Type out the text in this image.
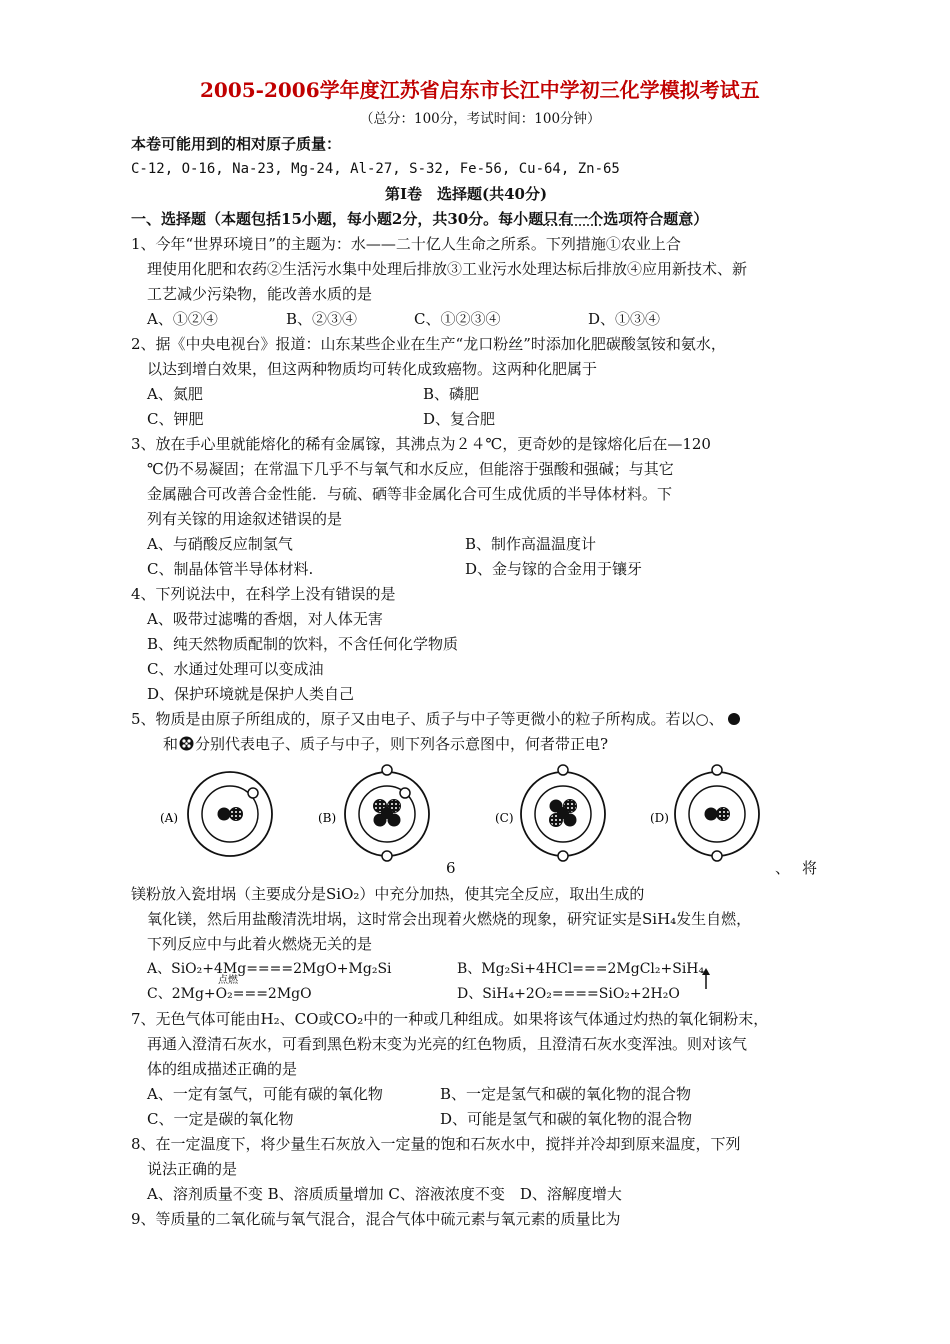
2005-2006学年度江苏省启东市长江中学初三化学模拟考试五
（总分：100分，考试时间：100分钟）
本卷可能用到的相对原子质量：
C-12, O-16, Na-23, Mg-24, Al-27, S-32, Fe-56, Cu-64, Zn-65
第Ⅰ卷　选择题(共40分)
一、选择题（本题包括15小题，每小题2分，共30分。每小题只有一个选项符合题意）
1、今年“世界环境日”的主题为：水——二十亿人生命之所系。下列措施①农业上合
理使用化肥和农药②生活污水集中处理后排放③工业污水处理达标后排放④应用新技术、新
工艺减少污染物，能改善水质的是
A、①②④	B、②③④	C、①②③④	D、①③④
2、据《中央电视台》报道：山东某些企业在生产“龙口粉丝”时添加化肥碳酸氢铵和氨水，
以达到增白效果，但这两种物质均可转化成致癌物。这两种化肥属于
A、氮肥	B、磷肥
C、钾肥	D、复合肥
3、放在手心里就能熔化的稀有金属镓，其沸点为２４℃，更奇妙的是镓熔化后在—120
℃仍不易凝固；在常温下几乎不与氧气和水反应，但能溶于强酸和强碱；与其它
金属融合可改善合金性能．与硫、硒等非金属化合可生成优质的半导体材料。下
列有关镓的用途叙述错误的是
A、与硝酸反应制氢气	B、制作高温温度计
C、制晶体管半导体材料.	D、金与镓的合金用于镶牙
4、下列说法中，在科学上没有错误的是
A、吸带过滤嘴的香烟，对人体无害
B、纯天然物质配制的饮料，不含任何化学物质
C、水通过处理可以变成油
D、保护环境就是保护人类自己
5、物质是由原子所组成的，原子又由电子、质子与中子等更微小的粒子所构成。若以○、
和 分别代表电子、质子与中子，则下列各示意图中，何者带正电?
(A)	(B)	(C)	(D)
6	、将
镁粉放入瓷坩埚（主要成分是SiO₂）中充分加热，使其完全反应，取出生成的
氧化镁，然后用盐酸清洗坩埚，这时常会出现着火燃烧的现象，研究证实是SiH₄发生自燃，
下列反应中与此着火燃烧无关的是
A、SiO₂+4Mg====2MgO+Mg₂Si	B、Mg₂Si+4HCl===2MgCl₂+SiH₄
点燃
C、2Mg+O₂===2MgO	D、SiH₄+2O₂====SiO₂+2H₂O
7、无色气体可能由H₂、CO或CO₂中的一种或几种组成。如果将该气体通过灼热的氧化铜粉末，
再通入澄清石灰水，可看到黑色粉末变为光亮的红色物质，且澄清石灰水变浑浊。则对该气
体的组成描述正确的是
A、一定有氢气，可能有碳的氧化物	B、一定是氢气和碳的氧化物的混合物
C、一定是碳的氧化物	D、可能是氢气和碳的氧化物的混合物
8、在一定温度下，将少量生石灰放入一定量的饱和石灰水中，搅拌并冷却到原来温度，下列
说法正确的是
A、溶剂质量不变 B、溶质质量增加 C、溶液浓度不变　D、溶解度增大
9、等质量的二氧化硫与氧气混合，混合气体中硫元素与氧元素的质量比为
